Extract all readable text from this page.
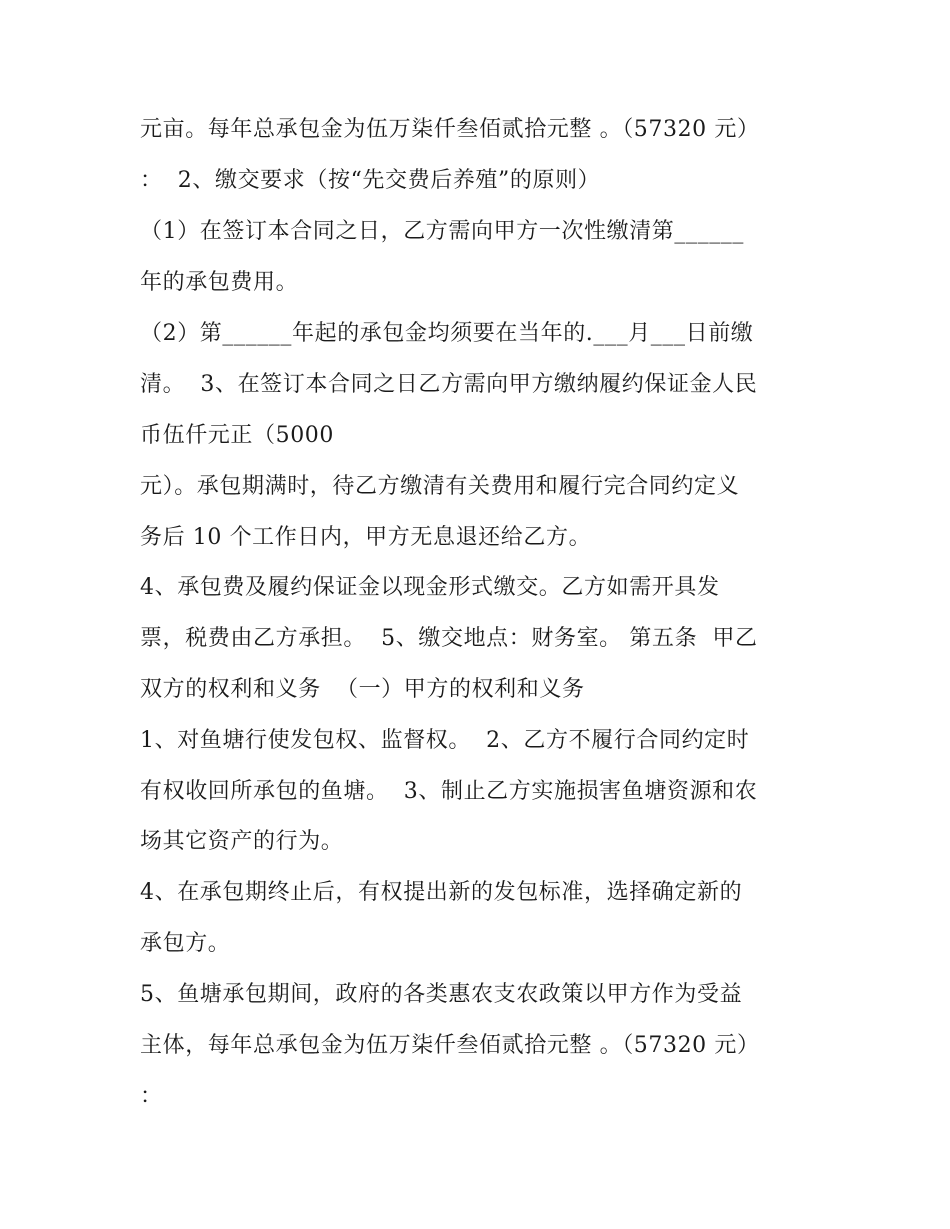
元亩。每年总承包金为伍万柒仟叁佰贰拾元整 。（57320 元）
：  2、缴交要求（按“先交费后养殖”的原则）
（1）在签订本合同之日，乙方需向甲方一次性缴清第______
年的承包费用。
（2）第______年起的承包金均须要在当年的.___月___日前缴
清。  3、在签订本合同之日乙方需向甲方缴纳履约保证金人民
币伍仟元正（5000
元）。承包期满时，待乙方缴清有关费用和履行完合同约定义
务后 10 个工作日内，甲方无息退还给乙方。
4、承包费及履约保证金以现金形式缴交。乙方如需开具发
票，税费由乙方承担。  5、缴交地点：财务室。 第五条  甲乙
双方的权利和义务  （一）甲方的权利和义务
1、对鱼塘行使发包权、监督权。  2、乙方不履行合同约定时
有权收回所承包的鱼塘。  3、制止乙方实施损害鱼塘资源和农
场其它资产的行为。
4、在承包期终止后，有权提出新的发包标准，选择确定新的
承包方。
5、鱼塘承包期间，政府的各类惠农支农政策以甲方作为受益
主体，每年总承包金为伍万柒仟叁佰贰拾元整 。（57320 元）
：
